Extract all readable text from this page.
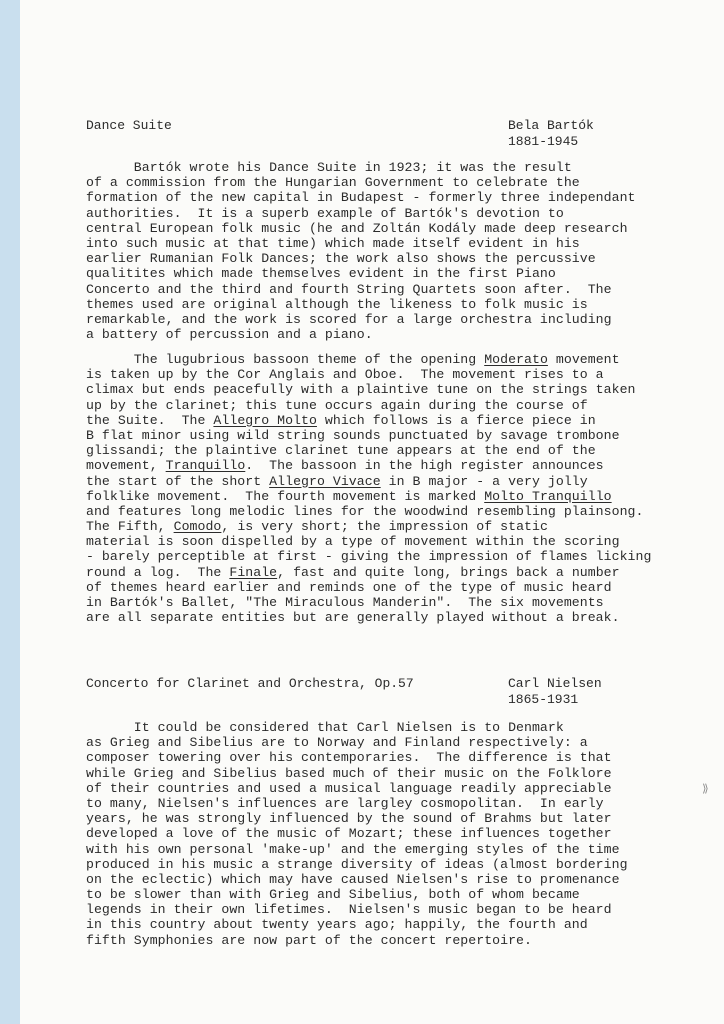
Dance Suite	Bela Bartók
1881-1945
Bartók wrote his Dance Suite in 1923; it was the result
of a commission from the Hungarian Government to celebrate the
formation of the new capital in Budapest - formerly three independant
authorities.  It is a superb example of Bartók's devotion to
central European folk music (he and Zoltán Kodály made deep research
into such music at that time) which made itself evident in his
earlier Rumanian Folk Dances; the work also shows the percussive
qualitites which made themselves evident in the first Piano
Concerto and the third and fourth String Quartets soon after.  The
themes used are original although the likeness to folk music is
remarkable, and the work is scored for a large orchestra including
a battery of percussion and a piano.
The lugubrious bassoon theme of the opening Moderato movement
is taken up by the Cor Anglais and Oboe.  The movement rises to a
climax but ends peacefully with a plaintive tune on the strings taken
up by the clarinet; this tune occurs again during the course of
the Suite.  The Allegro Molto which follows is a fierce piece in
B flat minor using wild string sounds punctuated by savage trombone
glissandi; the plaintive clarinet tune appears at the end of the
movement, Tranquillo.  The bassoon in the high register announces
the start of the short Allegro Vivace in B major - a very jolly
folklike movement.  The fourth movement is marked Molto Tranquillo
and features long melodic lines for the woodwind resembling plainsong.
The Fifth, Comodo, is very short; the impression of static
material is soon dispelled by a type of movement within the scoring
- barely perceptible at first - giving the impression of flames licking
round a log.  The Finale, fast and quite long, brings back a number
of themes heard earlier and reminds one of the type of music heard
in Bartók's Ballet, "The Miraculous Manderin".  The six movements
are all separate entities but are generally played without a break.
Concerto for Clarinet and Orchestra, Op.57	Carl Nielsen
1865-1931
It could be considered that Carl Nielsen is to Denmark
as Grieg and Sibelius are to Norway and Finland respectively: a
composer towering over his contemporaries.  The difference is that
while Grieg and Sibelius based much of their music on the Folklore
of their countries and used a musical language readily appreciable
to many, Nielsen's influences are largley cosmopolitan.  In early
years, he was strongly influenced by the sound of Brahms but later
developed a love of the music of Mozart; these influences together
with his own personal 'make-up' and the emerging styles of the time
produced in his music a strange diversity of ideas (almost bordering
on the eclectic) which may have caused Nielsen's rise to promenance
to be slower than with Grieg and Sibelius, both of whom became
legends in their own lifetimes.  Nielsen's music began to be heard
in this country about twenty years ago; happily, the fourth and
fifth Symphonies are now part of the concert repertoire.
⟫
